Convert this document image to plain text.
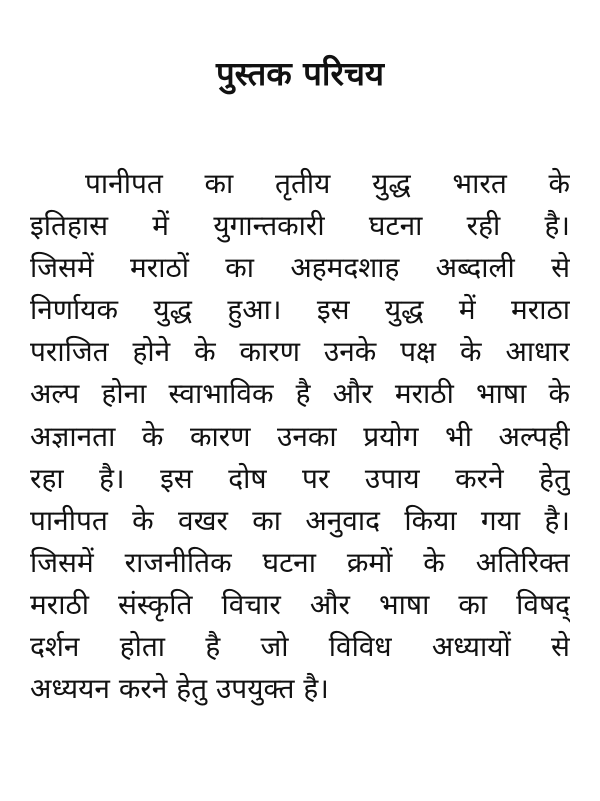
पुस्तक परिचय
पानीपत का तृतीय युद्ध भारत के
इतिहास में युगान्तकारी घटना रही है।
जिसमें मराठों का अहमदशाह अब्दाली से
निर्णायक युद्ध हुआ। इस युद्ध में मराठा
पराजित होने के कारण उनके पक्ष के आधार
अल्प होना स्वाभाविक है और मराठी भाषा के
अज्ञानता के कारण उनका प्रयोग भी अल्पही
रहा है। इस दोष पर उपाय करने हेतु
पानीपत के वखर का अनुवाद किया गया है।
जिसमें राजनीतिक घटना क्रमों के अतिरिक्त
मराठी संस्कृति विचार और भाषा का विषद्
दर्शन होता है जो विविध अध्यायों से
अध्ययन करने हेतु उपयुक्त है।
